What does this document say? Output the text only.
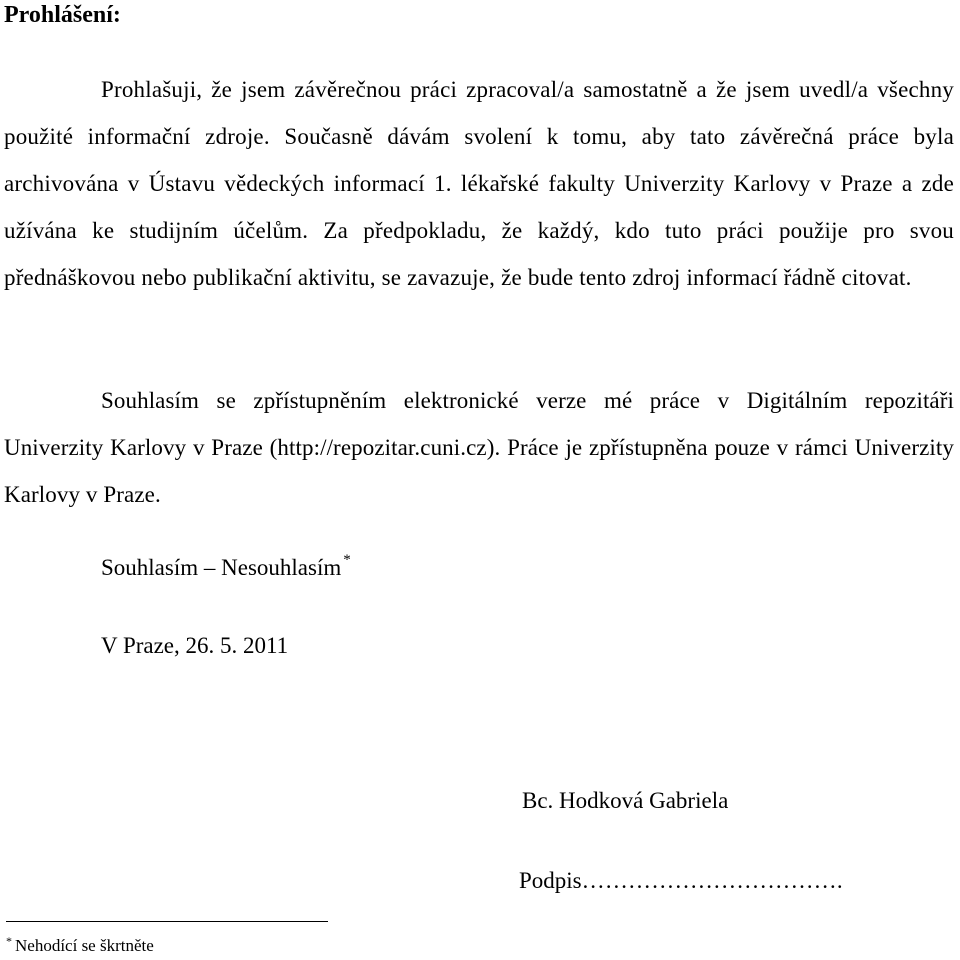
Prohlášení:

Prohlašuji, že jsem závěrečnou práci zpracoval/a samostatně a že jsem uvedl/a všechny použité informační zdroje. Současně dávám svolení k tomu, aby tato závěrečná práce byla archivována v Ústavu vědeckých informací 1. lékařské fakulty Univerzity Karlovy v Praze a zde užívána ke studijním účelům. Za předpokladu, že každý, kdo tuto práci použije pro svou přednáškovou nebo publikační aktivitu, se zavazuje, že bude tento zdroj informací řádně citovat.

Souhlasím se zpřístupněním elektronické verze mé práce v Digitálním repozitáři Univerzity Karlovy v Praze (http://repozitar.cuni.cz). Práce je zpřístupněna pouze v rámci Univerzity Karlovy v Praze.

Souhlasím – Nesouhlasím *
V Praze, 26. 5. 2011
Bc. Hodková Gabriela
Podpis…………………………….
* Nehodící se škrtněte
